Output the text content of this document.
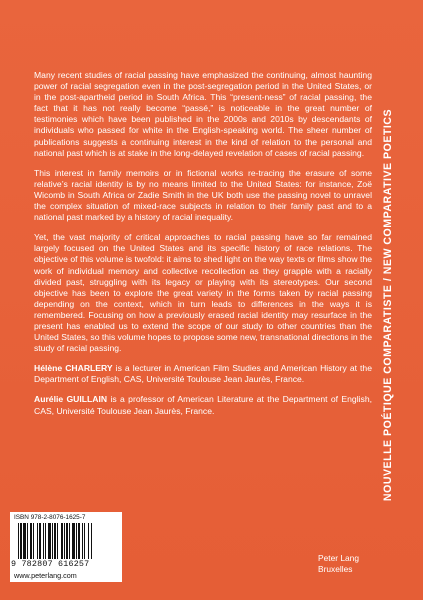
Many recent studies of racial passing have emphasized the continuing, almost haunting power of racial segregation even in the post-segregation period in the United States, or in the post-apartheid period in South Africa. This “present-ness” of racial passing, the fact that it has not really become “passé,” is noticeable in the great number of testimonies which have been published in the 2000s and 2010s by descendants of individuals who passed for white in the English-speaking world. The sheer number of publications suggests a continuing interest in the kind of relation to the personal and national past which is at stake in the long-delayed revelation of cases of racial passing.

This interest in family memoirs or in fictional works re-tracing the erasure of some relative’s racial identity is by no means limited to the United States: for instance, Zoë Wicomb in South Africa or Zadie Smith in the UK both use the passing novel to unravel the complex situation of mixed-race subjects in relation to their family past and to a national past marked by a history of racial inequality.

Yet, the vast majority of critical approaches to racial passing have so far remained largely focused on the United States and its specific history of race relations. The objective of this volume is twofold: it aims to shed light on the way texts or films show the work of individual memory and collective recollection as they grapple with a racially divided past, struggling with its legacy or playing with its stereotypes. Our second objective has been to explore the great variety in the forms taken by racial passing depending on the context, which in turn leads to differences in the ways it is remembered. Focusing on how a previously erased racial identity may resurface in the present has enabled us to extend the scope of our study to other countries than the United States, so this volume hopes to propose some new, transnational directions in the study of racial passing.

Hélène CHARLERY is a lecturer in American Film Studies and American History at the Department of English, CAS, Université Toulouse Jean Jaurès, France.

Aurélie GUILLAIN is a professor of American Literature at the Department of English, CAS, Université Toulouse Jean Jaurès, France.	NOUVELLE POÉTIQUE COMPARATISTE / NEW COMPARATIVE POETICS
ISBN 978-2-8076-1625-7
9 782807 616257
www.peterlang.com
Peter Lang
Bruxelles
